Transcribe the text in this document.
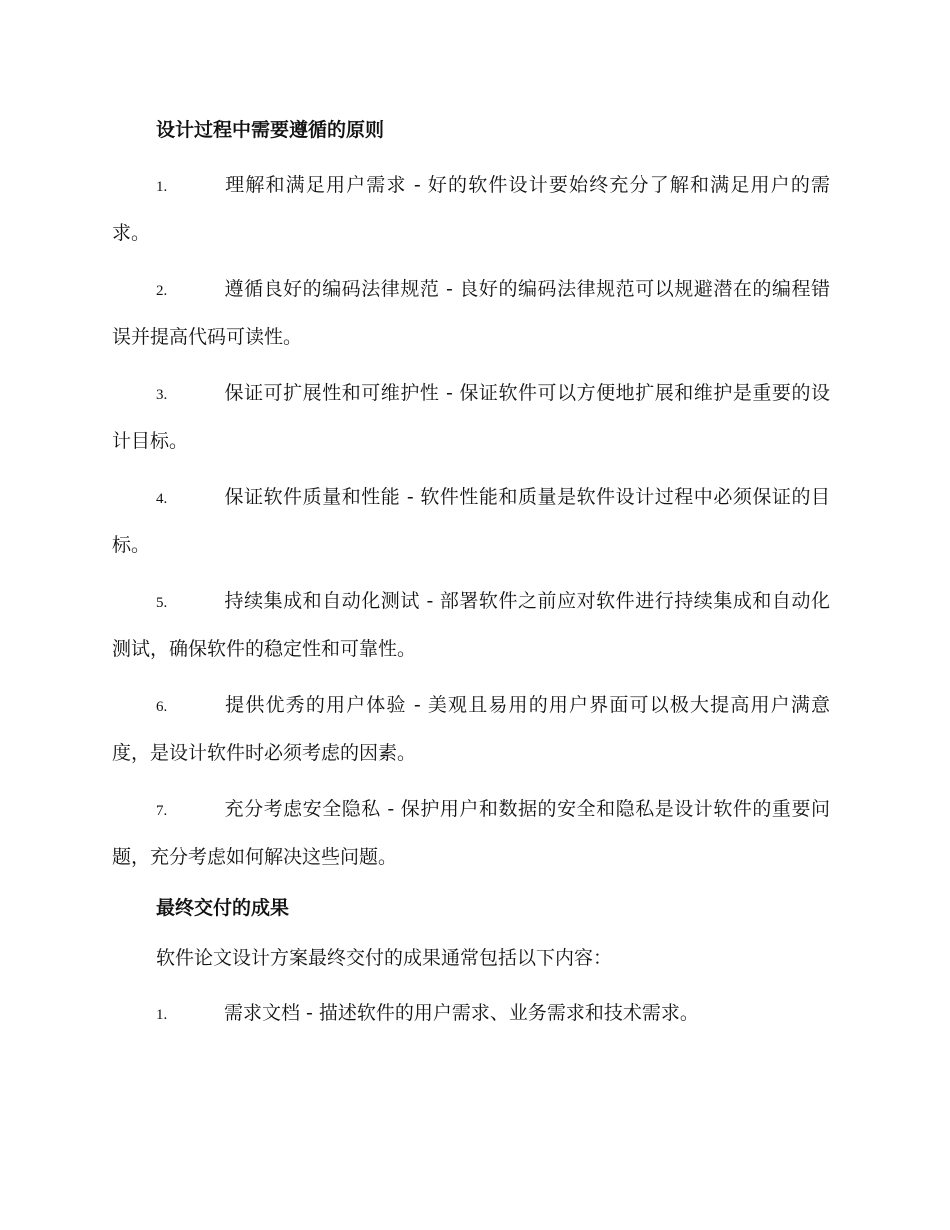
设计过程中需要遵循的原则
1.	理解和满足用户需求 - 好的软件设计要始终充分了解和满足用户的需求。
2.	遵循良好的编码法律规范 - 良好的编码法律规范可以规避潜在的编程错误并提高代码可读性。
3.	保证可扩展性和可维护性 - 保证软件可以方便地扩展和维护是重要的设计目标。
4.	保证软件质量和性能 - 软件性能和质量是软件设计过程中必须保证的目标。
5.	持续集成和自动化测试 - 部署软件之前应对软件进行持续集成和自动化测试，确保软件的稳定性和可靠性。
6.	提供优秀的用户体验 - 美观且易用的用户界面可以极大提高用户满意度，是设计软件时必须考虑的因素。
7.	充分考虑安全隐私 - 保护用户和数据的安全和隐私是设计软件的重要问题，充分考虑如何解决这些问题。
最终交付的成果
软件论文设计方案最终交付的成果通常包括以下内容：
1.	需求文档 - 描述软件的用户需求、业务需求和技术需求。
